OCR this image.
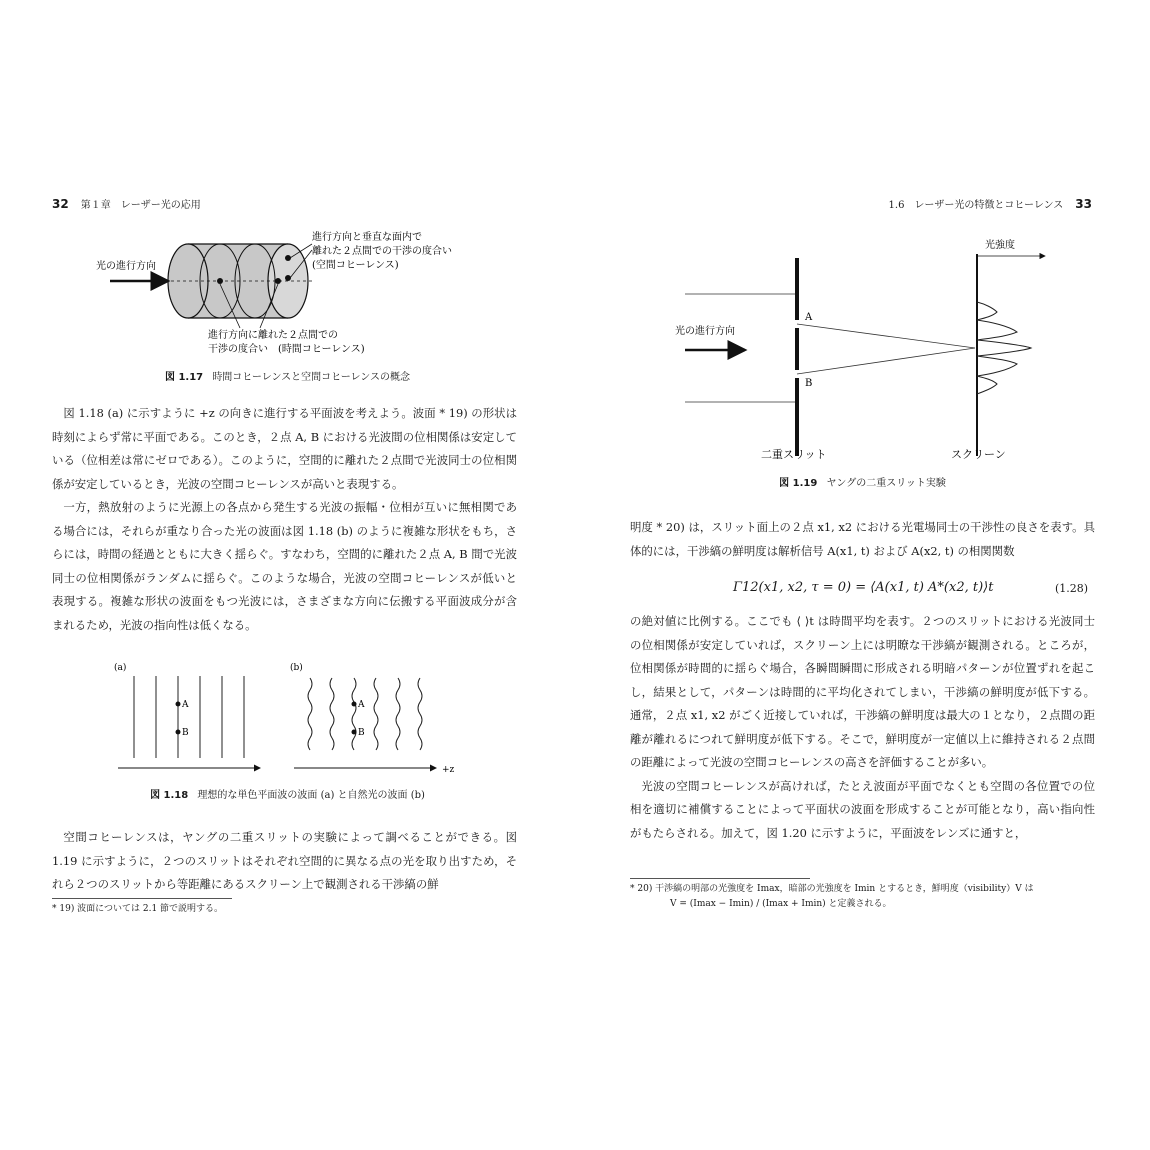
32 第１章　レーザー光の応用
光の進行方向
進行方向と垂直な面内で
離れた２点間での干渉の度合い
(空間コヒーレンス)
進行方向に離れた２点間での
干渉の度合い　(時間コヒーレンス)
図 1.17 時間コヒーレンスと空間コヒーレンスの概念

図 1.18 (a) に示すように +z の向きに進行する平面波を考えよう。波面 * 19) の形状は時刻によらず常に平面である。このとき，２点 A, B における光波間の位相関係は安定している（位相差は常にゼロである）。このように，空間的に離れた２点間で光波同士の位相関係が安定しているとき，光波の空間コヒーレンスが高いと表現する。

一方，熱放射のように光源上の各点から発生する光波の振幅・位相が互いに無相関である場合には，それらが重なり合った光の波面は図 1.18 (b) のように複雑な形状をもち，さらには，時間の経過とともに大きく揺らぐ。すなわち，空間的に離れた２点 A, B 間で光波同士の位相関係がランダムに揺らぐ。このような場合，光波の空間コヒーレンスが低いと表現する。複雑な形状の波面をもつ光波には，さまざまな方向に伝搬する平面波成分が含まれるため，光波の指向性は低くなる。

(a)	(b)
A
B
A
B
+z
図 1.18 理想的な単色平面波の波面 (a) と自然光の波面 (b)

空間コヒーレンスは，ヤングの二重スリットの実験によって調べることができる。図 1.19 に示すように，２つのスリットはそれぞれ空間的に異なる点の光を取り出すため，それら２つのスリットから等距離にあるスクリーン上で観測される干渉縞の鮮

* 19) 波面については 2.1 節で説明する。
1.6　レーザー光の特徴とコヒーレンス 33
光の進行方向
A
B
光強度
二重スリット	スクリーン
図 1.19 ヤングの二重スリット実験

明度 * 20) は，スリット面上の２点 x1, x2 における光電場同士の干渉性の良さを表す。具体的には，干渉縞の鮮明度は解析信号 A(x1, t) および A(x2, t) の相関関数

Γ12(x1, x2, τ = 0) = ⟨A(x1, t) A*(x2, t)⟩t	(1.28)

の絶対値に比例する。ここでも ⟨ ⟩t は時間平均を表す。２つのスリットにおける光波同士の位相関係が安定していれば，スクリーン上には明瞭な干渉縞が観測される。ところが，位相関係が時間的に揺らぐ場合，各瞬間瞬間に形成される明暗パターンが位置ずれを起こし，結果として，パターンは時間的に平均化されてしまい，干渉縞の鮮明度が低下する。通常，２点 x1, x2 がごく近接していれば，干渉縞の鮮明度は最大の１となり，２点間の距離が離れるにつれて鮮明度が低下する。そこで，鮮明度が一定値以上に維持される２点間の距離によって光波の空間コヒーレンスの高さを評価することが多い。

光波の空間コヒーレンスが高ければ，たとえ波面が平面でなくとも空間の各位置での位相を適切に補償することによって平面状の波面を形成することが可能となり，高い指向性がもたらされる。加えて，図 1.20 に示すように，平面波をレンズに通すと，

* 20) 干渉縞の明部の光強度を Imax，暗部の光強度を Imin とするとき，鮮明度（visibility）V は
V = (Imax − Imin) / (Imax + Imin) と定義される。
